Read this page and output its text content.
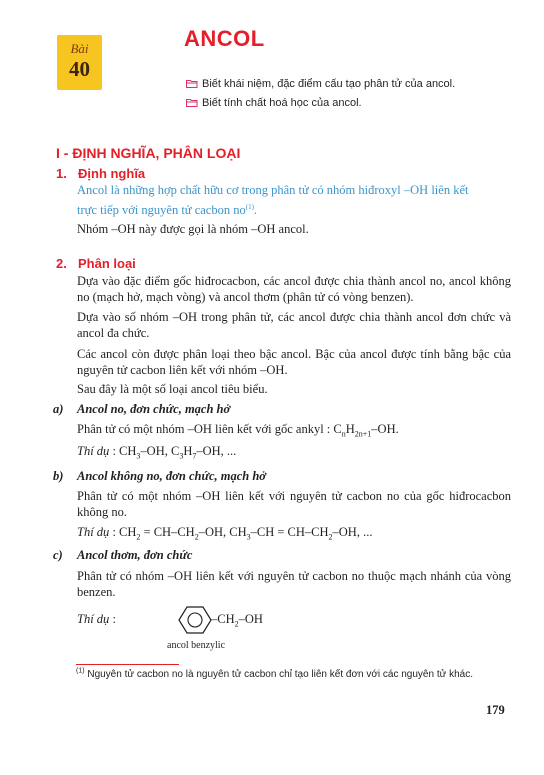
Bài
40
ANCOL
Biết khái niệm, đặc điểm cấu tạo phân tử của ancol.
Biết tính chất hoá học của ancol.
I - ĐỊNH NGHĨA, PHÂN LOẠI
1. Định nghĩa
Ancol là những hợp chất hữu cơ trong phân tử có nhóm hiđroxyl –OH liên kết
trực tiếp với nguyên tử cacbon $no^{(1)}$.
Nhóm –OH này được gọi là nhóm –OH ancol.
2. Phân loại
Dựa vào đặc điểm gốc hiđrocacbon, các ancol được chia thành ancol no, ancol không no (mạch hở, mạch vòng) và ancol thơm (phân tử có vòng benzen).
Dựa vào số nhóm –OH trong phân tử, các ancol được chia thành ancol đơn chức và ancol đa chức.
Các ancol còn được phân loại theo bậc ancol. Bậc của ancol được tính bằng bậc của nguyên tử cacbon liên kết với nhóm –OH.
Sau đây là một số loại ancol tiêu biểu.
a) Ancol no, đơn chức, mạch hở
Phân tử có một nhóm –OH liên kết với gốc ankyl : $C_nH_{2n+1}-OH$.
Thí dụ : $CH_3-OH$, $C_3H_7-OH$, ...
b) Ancol không no, đơn chức, mạch hở
Phân tử có một nhóm –OH liên kết với nguyên tử cacbon no của gốc hiđrocacbon không no.
Thí dụ : $CH_2 = CH-CH_2-OH$, $CH_3-CH = CH-CH_2-OH$, ...
c) Ancol thơm, đơn chức
Phân tử có nhóm –OH liên kết với nguyên tử cacbon no thuộc mạch nhánh của vòng benzen.
Thí dụ :	$-CH_2-OH$
ancol benzylic
$^{(1)}$ Nguyên tử cacbon no là nguyên tử cacbon chỉ tạo liên kết đơn với các nguyên tử khác.
179
